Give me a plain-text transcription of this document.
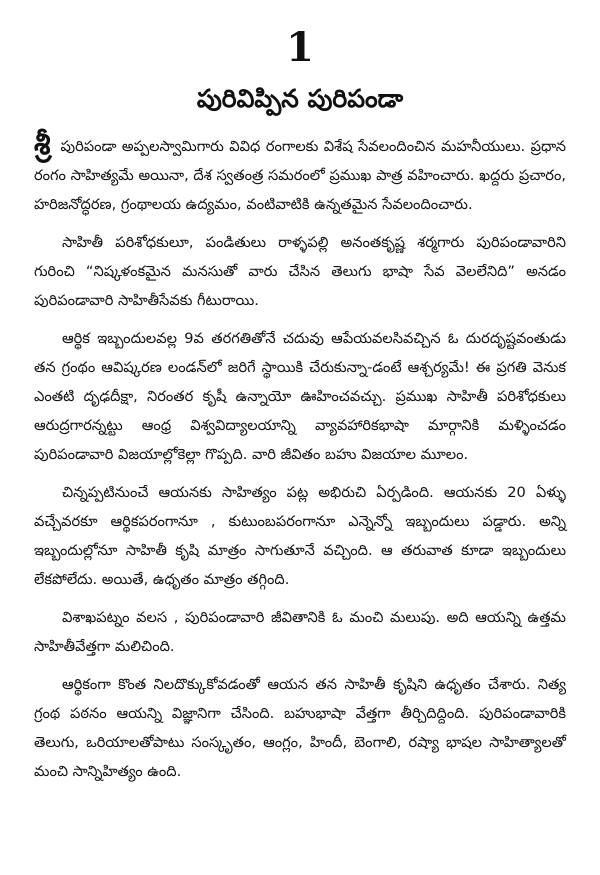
1
పురివిప్పిన పురిపండా

శ్రీ పురిపండా అప్పలస్వామిగారు వివిధ రంగాలకు విశేష సేవలందించిన మహనీయులు. ప్రధాన రంగం సాహిత్యమే అయినా, దేశ స్వతంత్ర సమరంలో ప్రముఖ పాత్ర వహించారు. ఖద్దరు ప్రచారం, హరిజనోద్ధరణ, గ్రంథాలయ ఉద్యమం, వంటివాటికి ఉన్నతమైన సేవలందించారు.

సాహితీ పరిశోధకులూ, పండితులు రాళ్ళపల్లి అనంతకృష్ణ శర్మగారు పురిపండావారిని గురించి “నిష్కళంకమైన మనసుతో వారు చేసిన తెలుగు భాషా సేవ వెలలేనిది” అనడం పురిపండావారి సాహితీసేవకు గీటురాయి.

ఆర్థిక ఇబ్బందులవల్ల 9వ తరగతితోనే చదువు ఆపేయవలసివచ్చిన ఓ దురదృష్టవంతుడు తన గ్రంథం ఆవిష్కరణ లండన్‌లో జరిగే స్థాయికి చేరుకున్నా-డంటే ఆశ్చర్యమే! ఈ ప్రగతి వెనుక ఎంతటి దృఢదీక్షా, నిరంతర కృషీ ఉన్నాయో ఊహించవచ్చు. ప్రముఖ సాహితీ పరిశోధకులు ఆరుద్రగారన్నట్టు ఆంధ్ర విశ్వవిద్యాలయాన్ని వ్యావహారికభాషా మార్గానికి మళ్ళించడం పురిపండావారి విజయాల్లోకెల్లా గొప్పది. వారి జీవితం బహు విజయాల మూలం.

చిన్నప్పటినుంచే ఆయనకు సాహిత్యం పట్ల అభిరుచి ఏర్పడింది. ఆయనకు 20 ఏళ్ళు వచ్చేవరకూ ఆర్థికపరంగానూ , కుటుంబపరంగానూ ఎన్నెన్నో ఇబ్బందులు పడ్డారు. అన్ని ఇబ్బందుల్లోనూ సాహితీ కృషి మాత్రం సాగుతూనే వచ్చింది. ఆ తరువాత కూడా ఇబ్బందులు లేకపోలేదు. అయితే, ఉధృతం మాత్రం తగ్గింది.

విశాఖపట్నం వలస , పురిపండావారి జీవితానికి ఓ మంచి మలుపు. అది ఆయన్ని ఉత్తమ సాహితీవేత్తగా మలిచింది.

ఆర్థికంగా కొంత నిలదొక్కుకోవడంతో ఆయన తన సాహితీ కృషిని ఉధృతం చేశారు. నిత్య గ్రంథ పఠనం ఆయన్ని విజ్ఞానిగా చేసింది. బహుభాషా వేత్తగా తీర్చిదిద్దింది. పురిపండావారికి తెలుగు, ఒరియాలతోపాటు సంస్కృతం, ఆంగ్లం, హిందీ, బెంగాలి, రష్యా భాషల సాహిత్యాలతో మంచి సాన్నిహిత్యం ఉంది.
